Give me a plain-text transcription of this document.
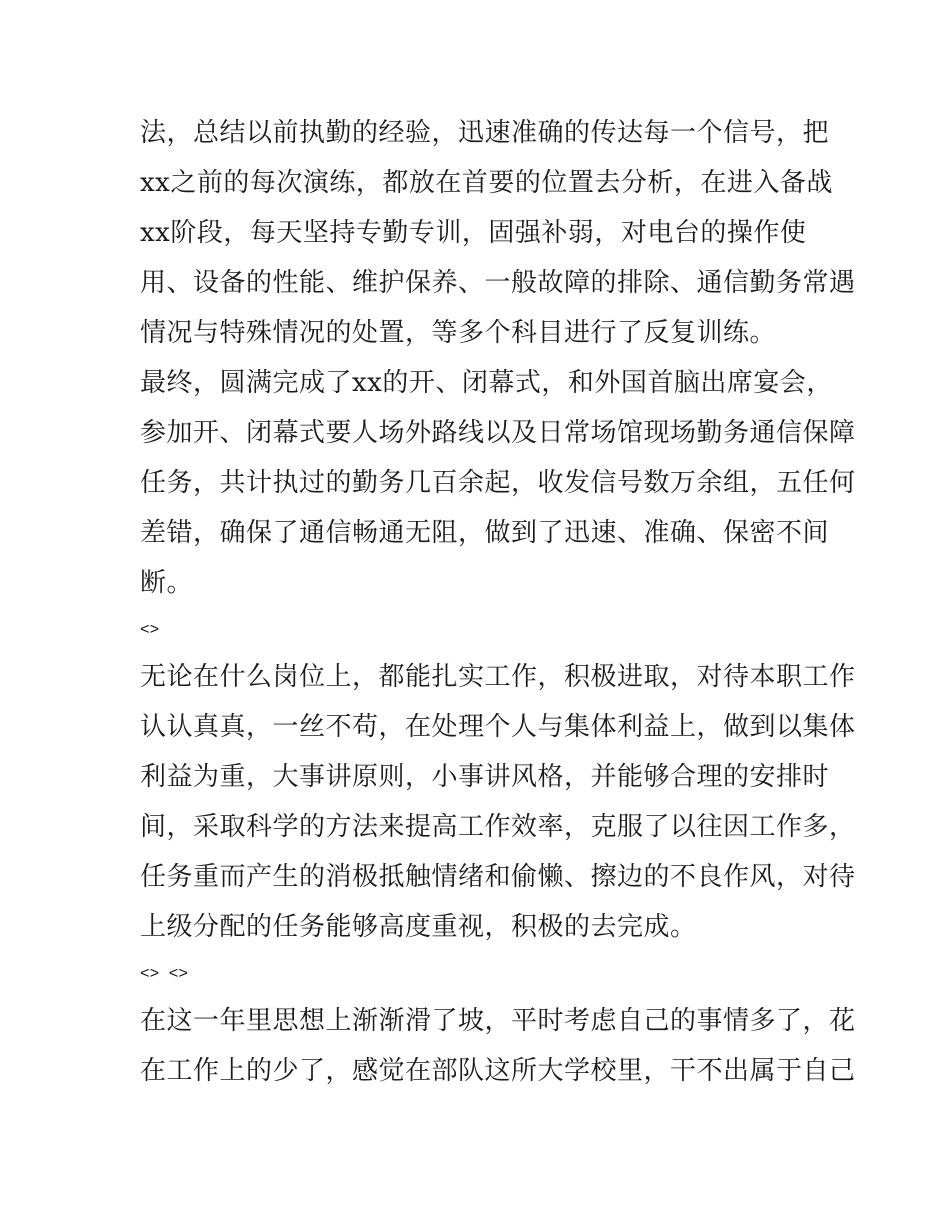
法，总结以前执勤的经验，迅速准确的传达每一个信号，把
xx之前的每次演练，都放在首要的位置去分析，在进入备战
xx阶段，每天坚持专勤专训，固强补弱，对电台的操作使
用、设备的性能、维护保养、一般故障的排除、通信勤务常遇
情况与特殊情况的处置，等多个科目进行了反复训练。
最终，圆满完成了xx的开、闭幕式，和外国首脑出席宴会，
参加开、闭幕式要人场外路线以及日常场馆现场勤务通信保障
任务，共计执过的勤务几百余起，收发信号数万余组，五任何
差错，确保了通信畅通无阻，做到了迅速、准确、保密不间
断。
<>
无论在什么岗位上，都能扎实工作，积极进取，对待本职工作
认认真真，一丝不苟，在处理个人与集体利益上，做到以集体
利益为重，大事讲原则，小事讲风格，并能够合理的安排时
间，采取科学的方法来提高工作效率，克服了以往因工作多，
任务重而产生的消极抵触情绪和偷懒、擦边的不良作风，对待
上级分配的任务能够高度重视，积极的去完成。
<> <>
在这一年里思想上渐渐滑了坡，平时考虑自己的事情多了，花
在工作上的少了，感觉在部队这所大学校里，干不出属于自己
